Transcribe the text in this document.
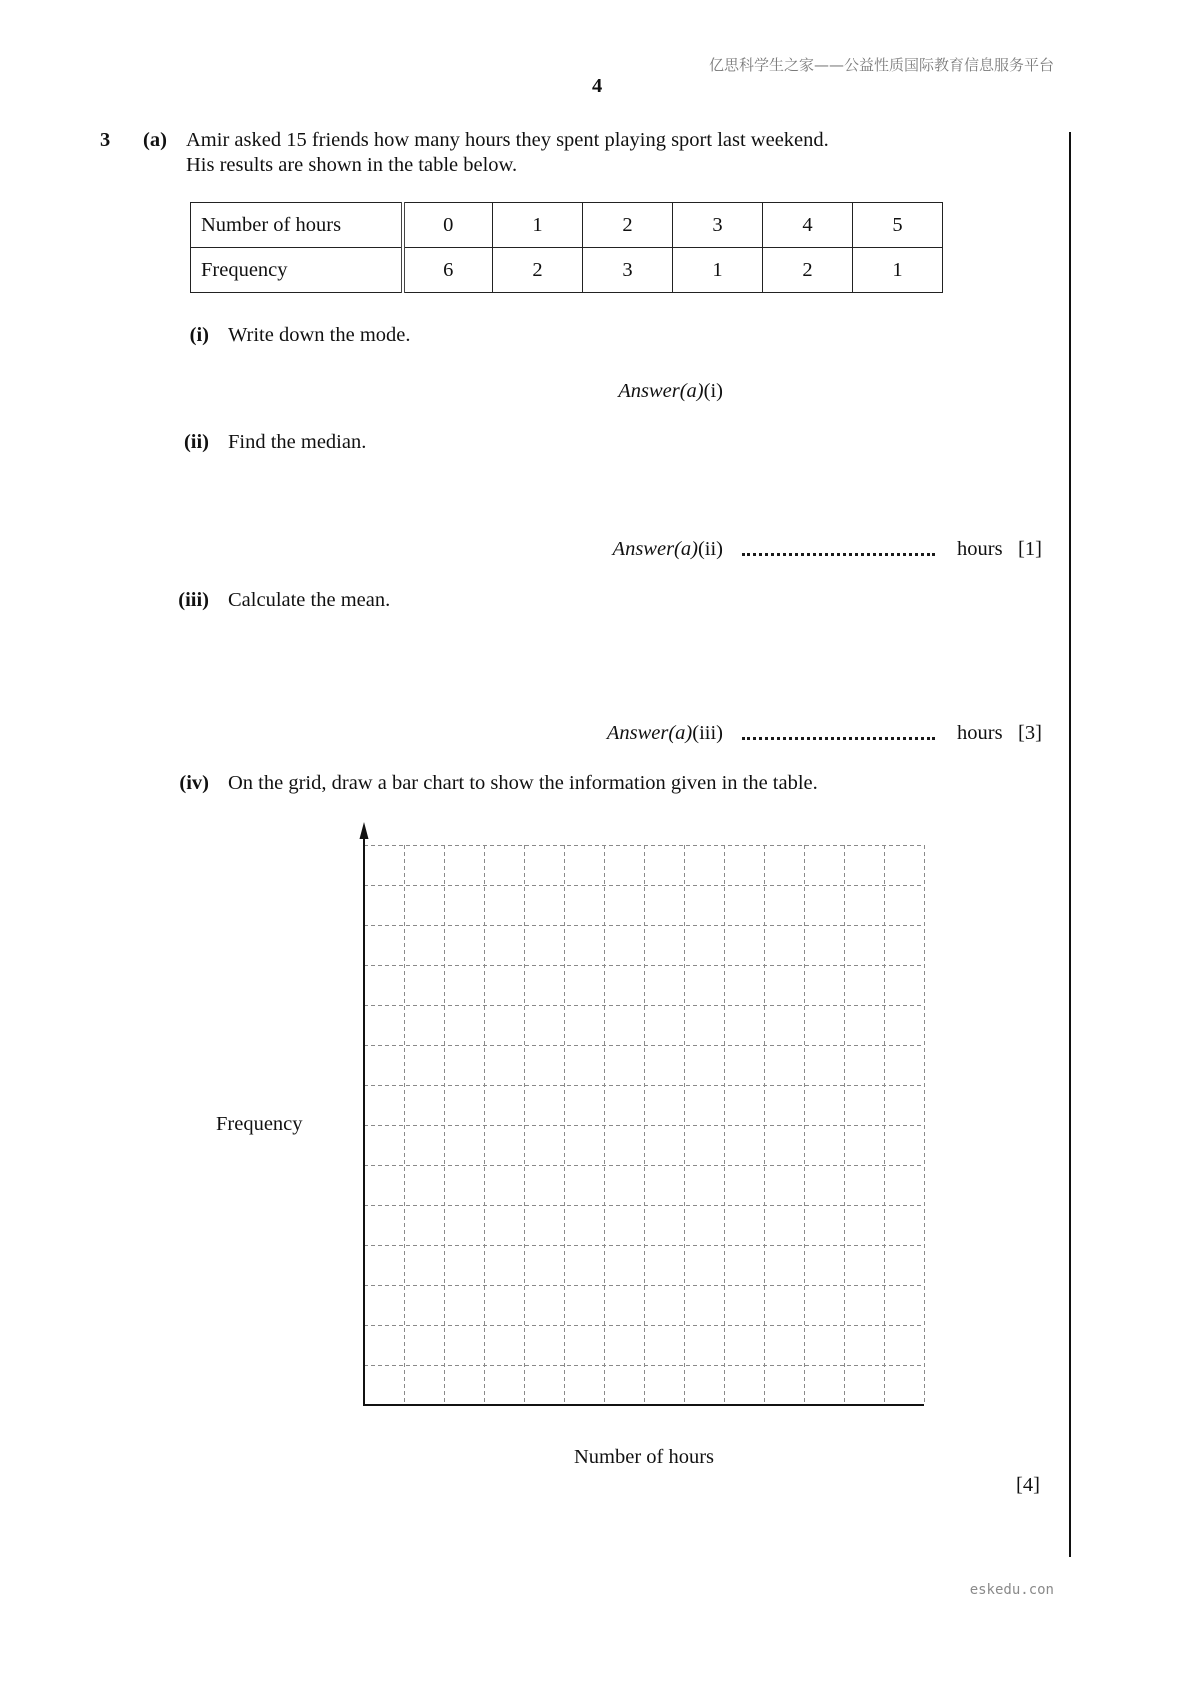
亿思科学生之家——公益性质国际教育信息服务平台
4
3 (a) Amir asked 15 friends how many hours they spent playing sport last weekend.
His results are shown in the table below.
Number of hours	0	1	2	3	4	5
Frequency	6	2	3	1	2	1
(i) Write down the mode.
Answer(a)(i)
(ii) Find the median.
Answer(a)(ii)	hours [1]
(iii) Calculate the mean.
Answer(a)(iii)	hours [3]
(iv) On the grid, draw a bar chart to show the information given in the table.
Frequency
Number of hours
[4]
eskedu.con
